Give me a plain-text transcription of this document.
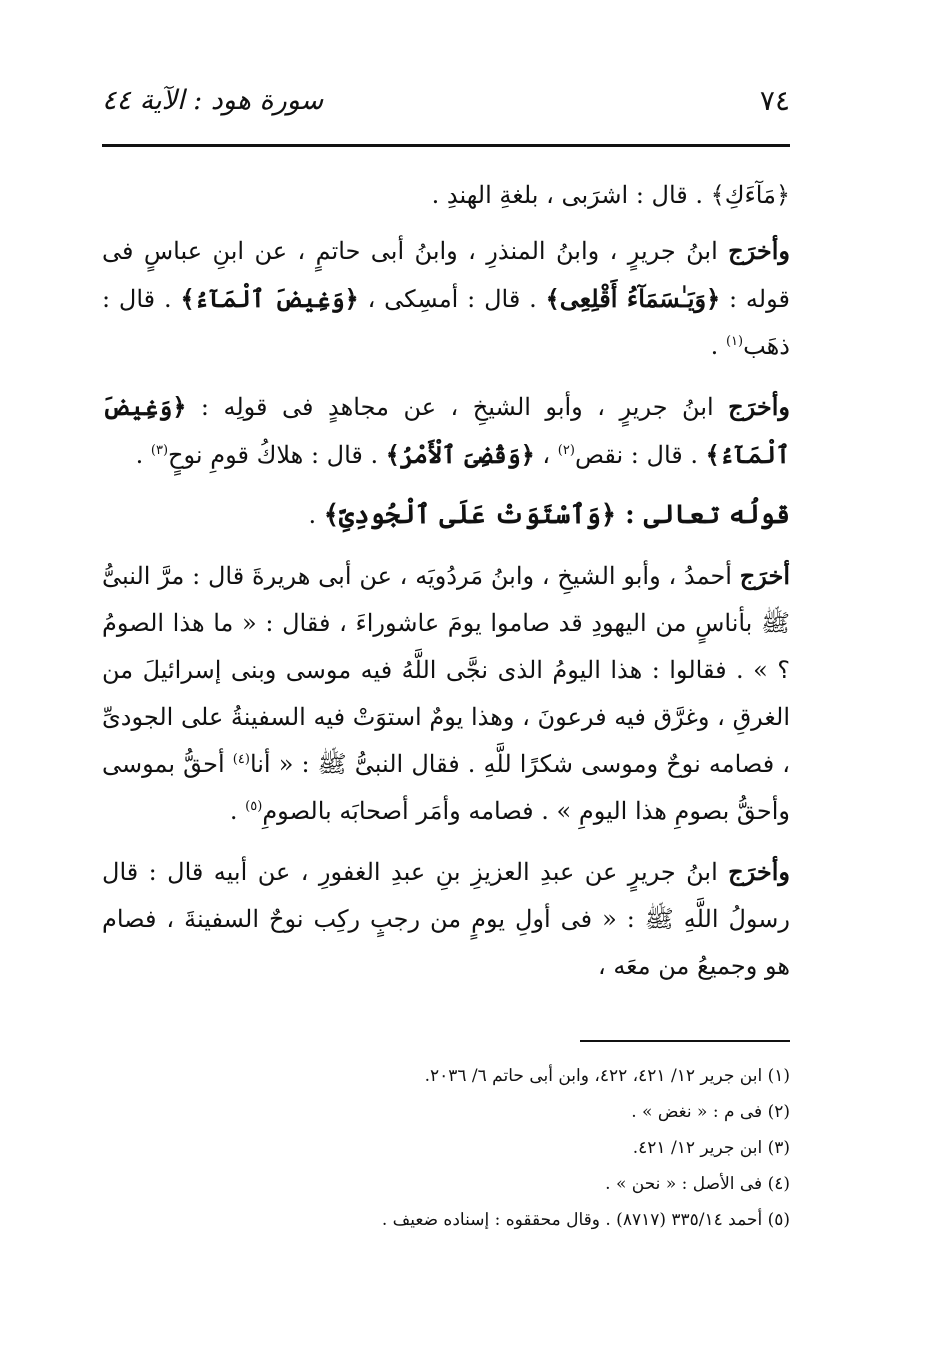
٧٤
سورة هود : الآية ٤٤

﴿مَآءَكِ﴾ . قال : اشرَبى ، بلغةِ الهندِ .

وأخرَج ابنُ جريرٍ ، وابنُ المنذرِ ، وابنُ أبى حاتمٍ ، عن ابنِ عباسٍ فى قوله : ﴿وَيَـٰسَمَآءُ أَقْلِعِى﴾ . قال : أمسِكى ، ﴿وَغِيضَ ٱلْمَآءُ﴾ . قال : ذهَب$^{(١)}$ .

وأخرَج ابنُ جريرٍ ، وأبو الشيخِ ، عن مجاهدٍ فى قولِه : ﴿وَغِيضَ ٱلْمَآءُ﴾ . قال : نقص$^{(٢)}$ ، ﴿وَقُضِىَ ٱلْأَمْرُ﴾ . قال : هلاكُ قومِ نوحٍ$^{(٣)}$ .

قولُه تعالى : ﴿وَٱسْتَوَتْ عَلَى ٱلْجُودِىِّ﴾ .

أخرَج أحمدُ ، وأبو الشيخِ ، وابنُ مَردُويَه ، عن أبى هريرةَ قال : مرَّ النبىُّ ﷺ بأناسٍ من اليهودِ قد صاموا يومَ عاشوراءَ ، فقال : « ما هذا الصومُ ؟ » . فقالوا : هذا اليومُ الذى نجَّى اللَّهُ فيه موسى وبنى إسرائيلَ من الغرقِ ، وغرَّق فيه فرعونَ ، وهذا يومٌ استوَتْ فيه السفينةُ على الجودىِّ ، فصامه نوحٌ وموسى شكرًا للَّهِ . فقال النبىُّ ﷺ : « أنا$^{(٤)}$ أحقُّ بموسى وأحقُّ بصومِ هذا اليومِ » . فصامه وأمَر أصحابَه بالصومِ$^{(٥)}$ .

وأخرَج ابنُ جريرٍ عن عبدِ العزيزِ بنِ عبدِ الغفورِ ، عن أبيه قال : قال رسولُ اللَّهِ ﷺ : « فى أولِ يومٍ من رجبٍ ركِب نوحٌ السفينةَ ، فصام هو وجميعُ من معَه ،

(١) ابن جرير ١٢/ ٤٢١، ٤٢٢، وابن أبى حاتم ٦/ ٢٠٣٦.
(٢) فى م : « نغض » .
(٣) ابن جرير ١٢/ ٤٢١.
(٤) فى الأصل : « نحن » .
(٥) أحمد ٣٣٥/١٤ (٨٧١٧) . وقال محققوه : إسناده ضعيف .
